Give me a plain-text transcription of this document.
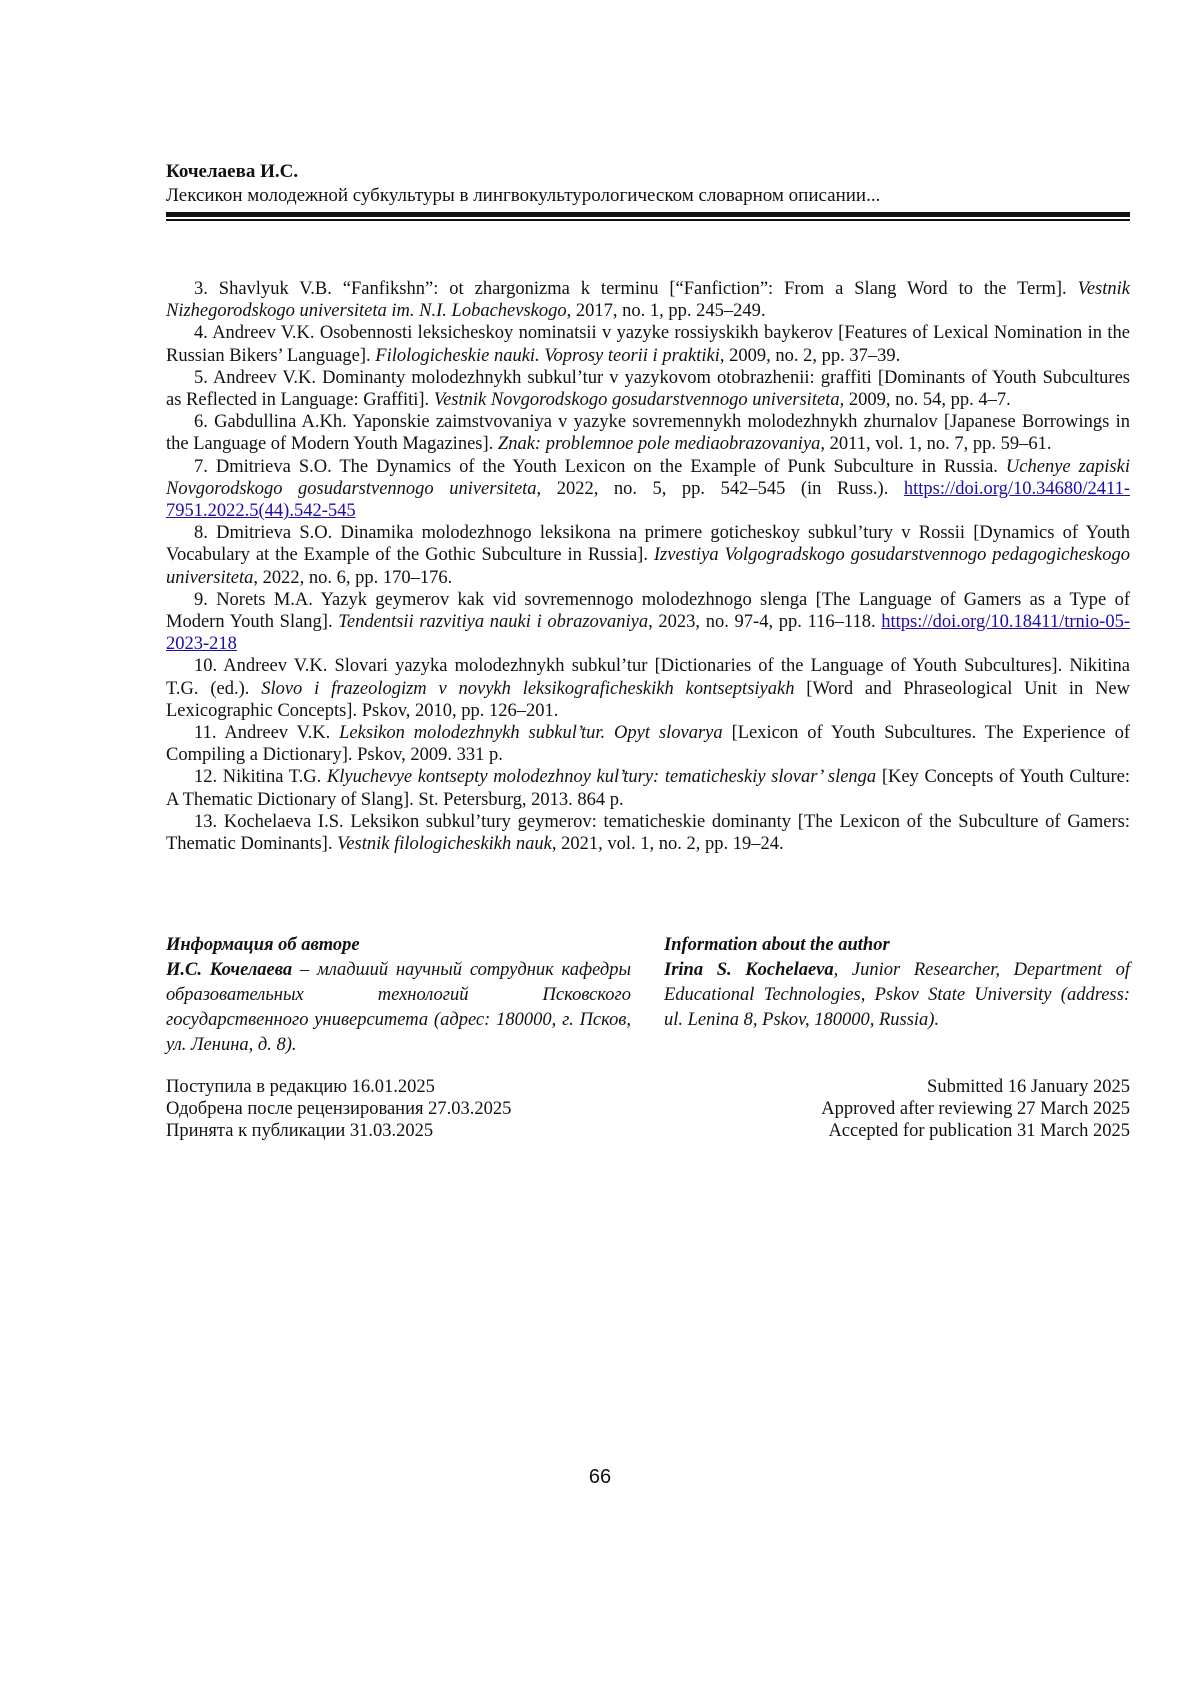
Кочелаева И.С.
Лексикон молодежной субкультуры в лингвокультурологическом словарном описании...

3. Shavlyuk V.B. “Fanfikshn”: ot zhargonizma k terminu [“Fanfiction”: From a Slang Word to the Term]. Vestnik Nizhegorodskogo universiteta im. N.I. Lobachevskogo, 2017, no. 1, pp. 245–249.

4. Andreev V.K. Osobennosti leksicheskoy nominatsii v yazyke rossiyskikh baykerov [Features of Lexical Nomination in the Russian Bikers’ Language]. Filologicheskie nauki. Voprosy teorii i praktiki, 2009, no. 2, pp. 37–39.

5. Andreev V.K. Dominanty molodezhnykh subkul’tur v yazykovom otobrazhenii: graffiti [Dominants of Youth Subcultures as Reflected in Language: Graffiti]. Vestnik Novgorodskogo gosudarstvennogo universiteta, 2009, no. 54, pp. 4–7.

6. Gabdullina A.Kh. Yaponskie zaimstvovaniya v yazyke sovremennykh molodezhnykh zhurnalov [Japanese Borrowings in the Language of Modern Youth Magazines]. Znak: problemnoe pole mediaobrazovaniya, 2011, vol. 1, no. 7, pp. 59–61.

7. Dmitrieva S.O. The Dynamics of the Youth Lexicon on the Example of Punk Subculture in Russia. Uchenye zapiski Novgorodskogo gosudarstvennogo universiteta, 2022, no. 5, pp. 542–545 (in Russ.). https://doi.org/10.34680/2411-7951.2022.5(44).542-545

8. Dmitrieva S.O. Dinamika molodezhnogo leksikona na primere goticheskoy subkul’tury v Rossii [Dynamics of Youth Vocabulary at the Example of the Gothic Subculture in Russia]. Izvestiya Volgogradskogo gosudarstvennogo pedagogicheskogo universiteta, 2022, no. 6, pp. 170–176.

9. Norets M.A. Yazyk geymerov kak vid sovremennogo molodezhnogo slenga [The Language of Gamers as a Type of Modern Youth Slang]. Tendentsii razvitiya nauki i obrazovaniya, 2023, no. 97-4, pp. 116–118. https://doi.org/10.18411/trnio-05-2023-218

10. Andreev V.K. Slovari yazyka molodezhnykh subkul’tur [Dictionaries of the Language of Youth Subcultures]. Nikitina T.G. (ed.). Slovo i frazeologizm v novykh leksikograficheskikh kontseptsiyakh [Word and Phraseological Unit in New Lexicographic Concepts]. Pskov, 2010, pp. 126–201.

11. Andreev V.K. Leksikon molodezhnykh subkul’tur. Opyt slovarya [Lexicon of Youth Subcultures. The Experience of Compiling a Dictionary]. Pskov, 2009. 331 p.

12. Nikitina T.G. Klyuchevye kontsepty molodezhnoy kul’tury: tematicheskiy slovar’ slenga [Key Concepts of Youth Culture: A Thematic Dictionary of Slang]. St. Petersburg, 2013. 864 p.

13. Kochelaeva I.S. Leksikon subkul’tury geymerov: tematicheskie dominanty [The Lexicon of the Subculture of Gamers: Thematic Dominants]. Vestnik filologicheskikh nauk, 2021, vol. 1, no. 2, pp. 19–24.

Информация об авторе
И.С. Кочелаева – младший научный сотрудник кафедры образовательных технологий Псковского государственного университета (адрес: 180000, г. Псков, ул. Ленина, д. 8).
Information about the author
Irina S. Kochelaeva, Junior Researcher, Department of Educational Technologies, Pskov State University (address: ul. Lenina 8, Pskov, 180000, Russia).
Поступила в редакцию 16.01.2025
Одобрена после рецензирования 27.03.2025
Принята к публикации 31.03.2025
Submitted 16 January 2025
Approved after reviewing 27 March 2025
Accepted for publication 31 March 2025
66
